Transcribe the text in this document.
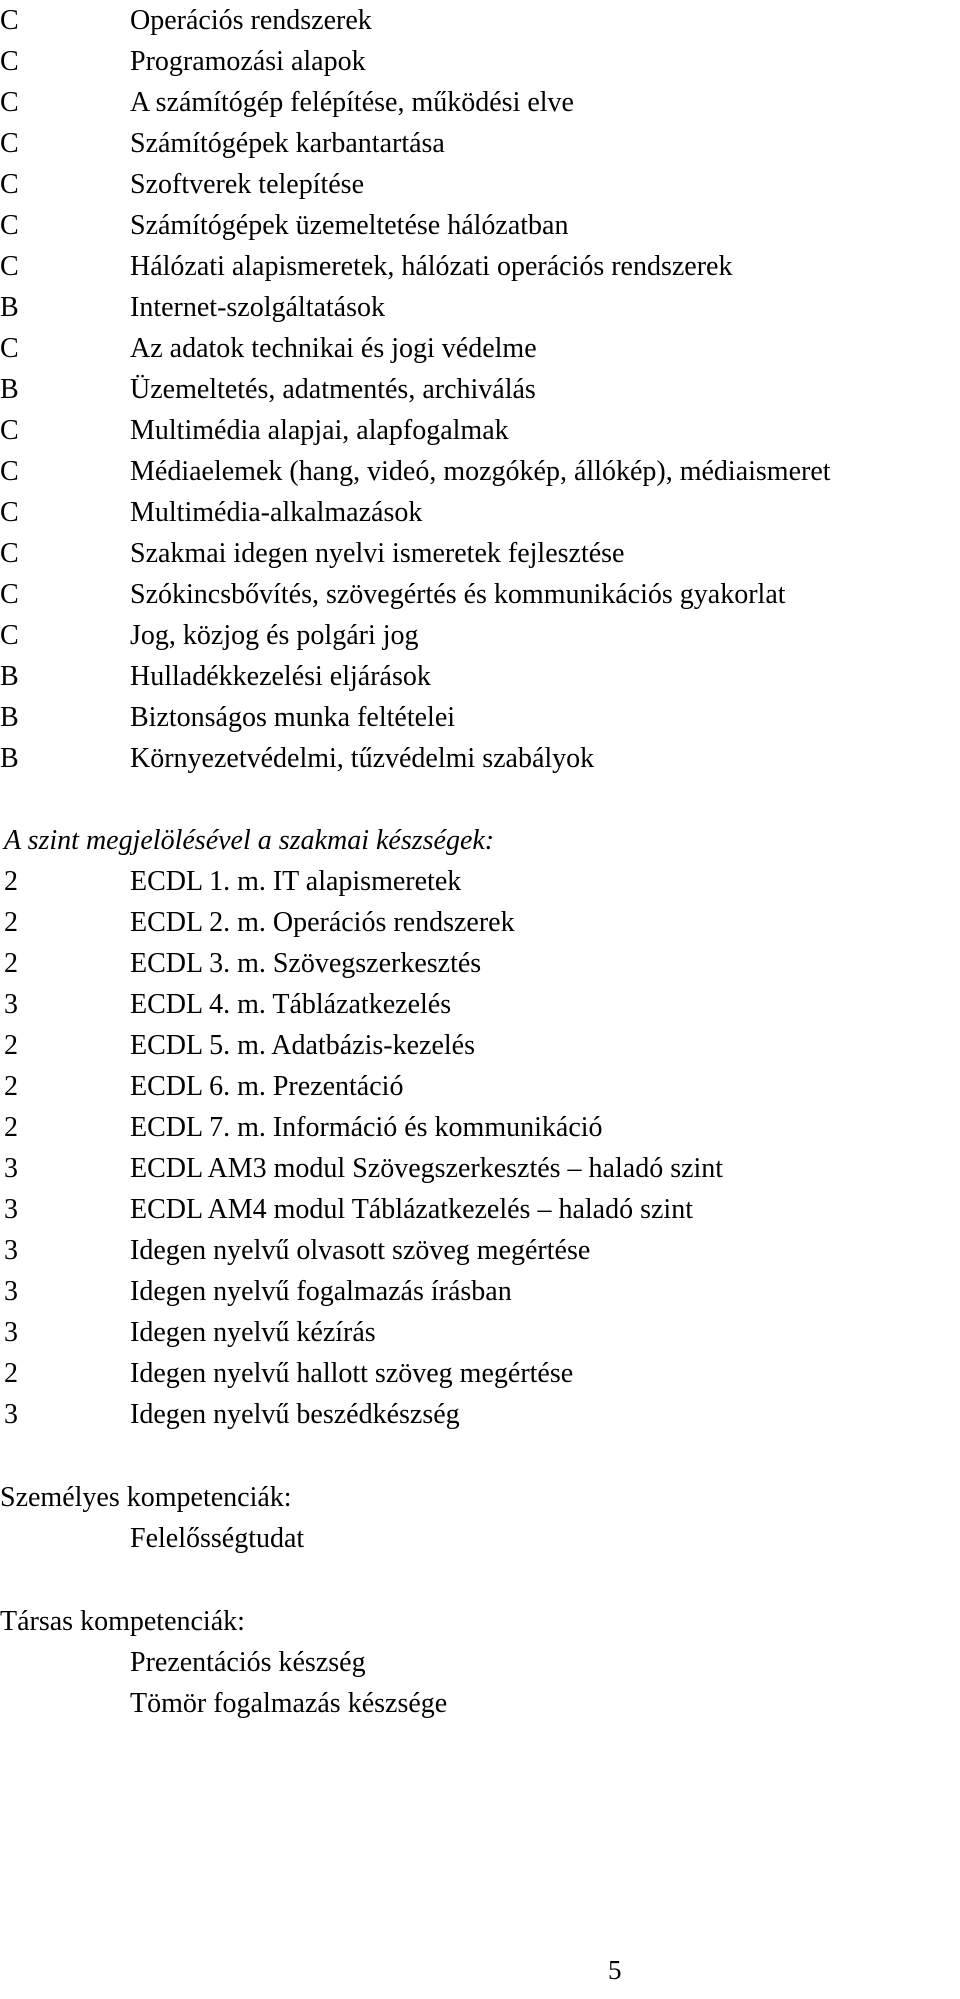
C	Operációs rendszerek
C	Programozási alapok
C	A számítógép felépítése, működési elve
C	Számítógépek karbantartása
C	Szoftverek telepítése
C	Számítógépek üzemeltetése hálózatban
C	Hálózati alapismeretek, hálózati operációs rendszerek
B	Internet-szolgáltatások
C	Az adatok technikai és jogi védelme
B	Üzemeltetés, adatmentés, archiválás
C	Multimédia alapjai, alapfogalmak
C	Médiaelemek (hang, videó, mozgókép, állókép), médiaismeret
C	Multimédia-alkalmazások
C	Szakmai idegen nyelvi ismeretek fejlesztése
C	Szókincsbővítés, szövegértés és kommunikációs gyakorlat
C	Jog, közjog és polgári jog
B	Hulladékkezelési eljárások
B	Biztonságos munka feltételei
B	Környezetvédelmi, tűzvédelmi szabályok
A szint megjelölésével a szakmai készségek:
2	ECDL 1. m. IT alapismeretek
2	ECDL 2. m. Operációs rendszerek
2	ECDL 3. m. Szövegszerkesztés
3	ECDL 4. m. Táblázatkezelés
2	ECDL 5. m. Adatbázis-kezelés
2	ECDL 6. m. Prezentáció
2	ECDL 7. m. Információ és kommunikáció
3	ECDL AM3 modul Szövegszerkesztés – haladó szint
3	ECDL AM4 modul Táblázatkezelés – haladó szint
3	Idegen nyelvű olvasott szöveg megértése
3	Idegen nyelvű fogalmazás írásban
3	Idegen nyelvű kézírás
2	Idegen nyelvű hallott szöveg megértése
3	Idegen nyelvű beszédkészség
Személyes kompetenciák:
Felelősségtudat
Társas kompetenciák:
Prezentációs készség
Tömör fogalmazás készsége
5
